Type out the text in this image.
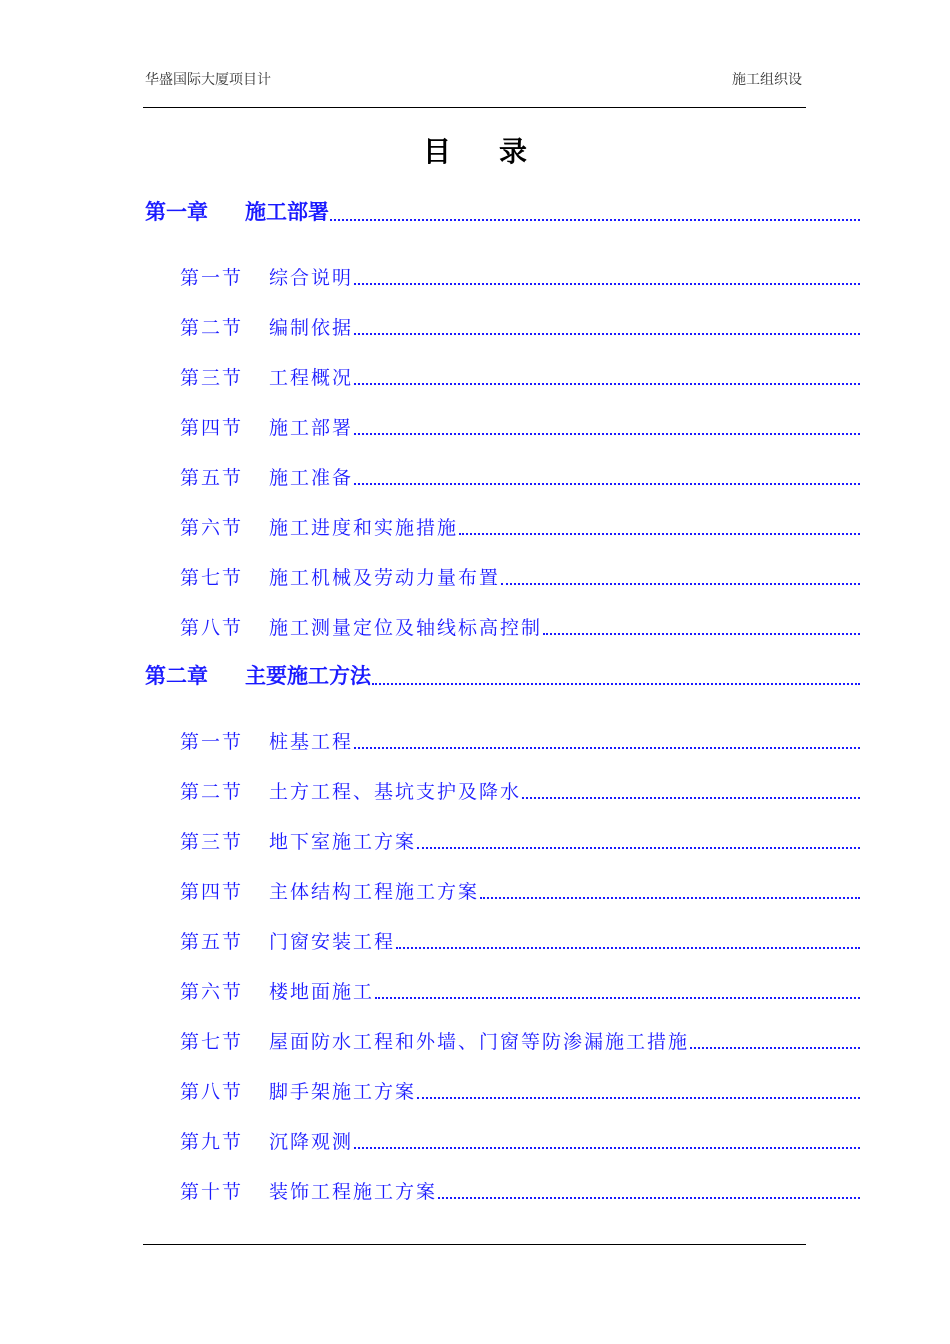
华盛国际大厦项目计	施工组织设
目录
第一章	施工部署
第一节	综合说明
第二节	编制依据
第三节	工程概况
第四节	施工部署
第五节	施工准备
第六节	施工进度和实施措施
第七节	施工机械及劳动力量布置
第八节	施工测量定位及轴线标高控制
第二章	主要施工方法
第一节	桩基工程
第二节	土方工程、基坑支护及降水
第三节	地下室施工方案
第四节	主体结构工程施工方案
第五节	门窗安装工程
第六节	楼地面施工
第七节	屋面防水工程和外墙、门窗等防渗漏施工措施
第八节	脚手架施工方案
第九节	沉降观测
第十节	装饰工程施工方案
